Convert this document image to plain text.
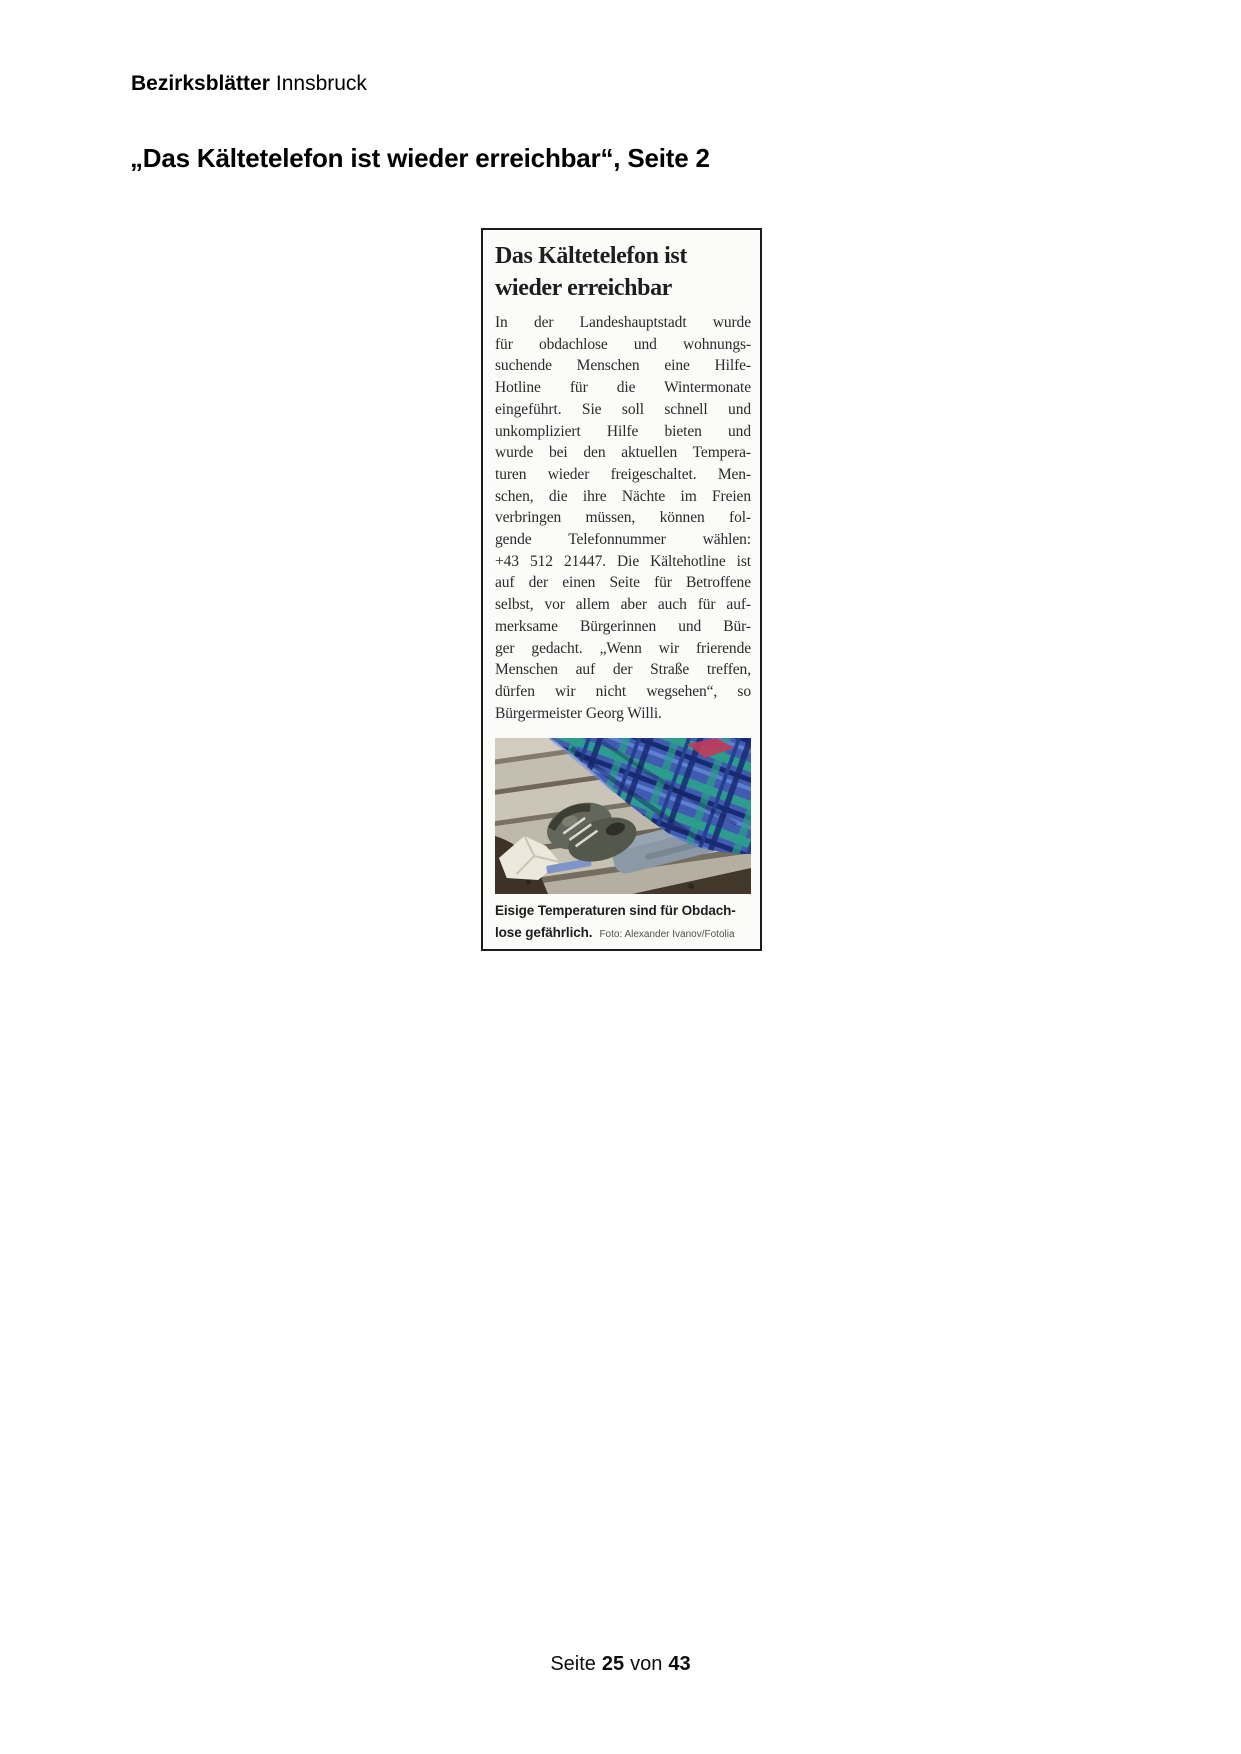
Bezirksblätter Innsbruck
„Das Kältetelefon ist wieder erreichbar“, Seite 2
Das Kältetelefon ist
wieder erreichbar
In der Landeshauptstadt wurde
für obdachlose und wohnungs-
suchende Menschen eine Hilfe-
Hotline für die Wintermonate
eingeführt. Sie soll schnell und
unkompliziert Hilfe bieten und
wurde bei den aktuellen Tempera-
turen wieder freigeschaltet. Men-
schen, die ihre Nächte im Freien
verbringen müssen, können fol-
gende Telefonnummer wählen:
+43 512 21447. Die Kältehotline ist
auf der einen Seite für Betroffene
selbst, vor allem aber auch für auf-
merksame Bürgerinnen und Bür-
ger gedacht. „Wenn wir frierende
Menschen auf der Straße treffen,
dürfen wir nicht wegsehen“, so
Bürgermeister Georg Willi.
Eisige Temperaturen sind für Obdach-
lose gefährlich. Foto: Alexander Ivanov/Fotolia
Seite 25 von 43
